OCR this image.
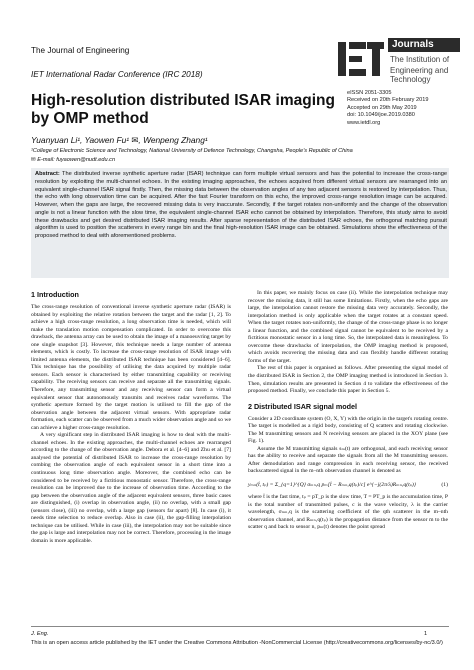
The Journal of Engineering
IET International Radar Conference (IRC 2018)
Journals
The Institution of
Engineering and Technology
High-resolution distributed ISAR imaging by OMP method
eISSN 2051-3305
Received on 20th February 2019
Accepted on 29th May 2019
doi: 10.1049/joe.2019.0380
www.ietdl.org
Yuanyuan Li¹, Yaowen Fu¹ ✉, Wenpeng Zhang¹
¹College of Electronic Science and Technology, National University of Defence Technology, Changsha, People’s Republic of China
✉ E-mail: fuyaowen@nudt.edu.cn
Abstract: The distributed inverse synthetic aperture radar (ISAR) technique can form multiple virtual sensors and has the potential to increase the cross-range resolution by exploiting the multi-channel echoes. In the existing imaging approaches, the echoes acquired from different virtual sensors are rearranged into an equivalent single-channel ISAR signal firstly. Then, the missing data between the observation angles of any two adjacent sensors is restored by interpolation. Thus, the echo with long observation time can be acquired. After the fast Fourier transform on this echo, the improved cross-range resolution image can be acquired. However, when the gaps are large, the recovered missing data is very inaccurate. Secondly, if the target rotates non-uniformly and the change of the observation angle is not a linear function with the slow time, the equivalent single-channel ISAR echo cannot be obtained by interpolation. Therefore, this study aims to avoid these drawbacks and get desired distributed ISAR imaging results. After sparse representation of the distributed ISAR echoes, the orthogonal matching pursuit algorithm is used to position the scatterers in every range bin and the final high-resolution ISAR image can be obtained. Simulations show the effectiveness of the proposed method to deal with aforementioned problems.
1 Introduction

The cross-range resolution of conventional inverse synthetic aperture radar (ISAR) is obtained by exploiting the relative rotation between the target and the radar [1, 2]. To achieve a high cross-range resolution, a long observation time is needed, which will make the translation motion compensation complicated. In order to overcome this drawback, the antenna array can be used to obtain the image of a manoeuvring target by one single snapshot [3]. However, this technique needs a large number of antenna elements, which is costly. To increase the cross-range resolution of ISAR image with limited antenna elements, the distributed ISAR technique has been considered [4–6]. This technique has the possibility of utilising the data acquired by multiple radar sensors. Each sensor is characterised by either transmitting capability or receiving capability. The receiving sensors can receive and separate all the transmitting signals. Therefore, any transmitting sensor and any receiving sensor can form a virtual equivalent sensor that autonomously transmits and receives radar waveforms. The synthetic aperture formed by the target motion is utilised to fill the gap of the observation angle between the adjacent virtual sensors. With appropriate radar formation, each scatter can be observed from a much wider observation angle and so we can achieve a higher cross-range resolution.

A very significant step in distributed ISAR imaging is how to deal with the multi-channel echoes. In the existing approaches, the multi-channel echoes are rearranged according to the change of the observation angle. Debora et al. [4–6] and Zhu et al. [7] analysed the potential of distributed ISAR to increase the cross-range resolution by combing the observation angle of each equivalent sensor in a short time into a continuous long time observation angle. Moreover, the combined echo can be considered to be received by a fictitious monostatic sensor. Therefore, the cross-range resolution can be improved due to the increase of observation time. According to the gap between the observation angle of the adjacent equivalent sensors, three basic cases are distinguished, (i) overlap in observation angle, (ii) no overlap, with a small gap (sensors close), (iii) no overlap, with a large gap (sensors far apart) [8]. In case (i), it needs time selection to reduce overlap. Also in case (ii), the gap-filling interpolation technique can be utilised. While in case (iii), the interpolation may not be suitable since the gap is large and interpolation may not be correct. Therefore, processing in the image domain is more applicable.

In this paper, we mainly focus on case (ii). While the interpolation technique may recover the missing data, it still has some limitations. Firstly, when the echo gaps are large, the interpolation cannot restore the missing data very accurately. Secondly, the interpolation method is only applicable when the target rotates at a constant speed. When the target rotates non-uniformly, the change of the cross-range phase is no longer a linear function, and the combined signal cannot be equivalent to be received by a fictitious monostatic sensor in a long time. So, the interpolated data is meaningless. To overcome these drawbacks of interpolation, the OMP imaging method is proposed, which avoids recovering the missing data and can flexibly handle different rotating forms of the target.

The rest of this paper is organised as follows. After presenting the signal model of the distributed ISAR in Section 2, the OMP imaging method is introduced in Section 3. Then, simulation results are presented in Section 4 to validate the effectiveness of the proposed method. Finally, we conclude this paper in Section 5.

2 Distributed ISAR signal model

Consider a 2D coordinate system (O, X, Y) with the origin in the target's rotating centre. The target is modelled as a rigid body, consisting of Q scatters and rotating clockwise. The M transmitting sensors and N receiving sensors are placed in the XOY plane (see Fig. 1).

Assume the M transmitting signals sₘ(t) are orthogonal, and each receiving sensor has the ability to receive and separate the signals from all the M transmitting sensors. After demodulation and range compression in each receiving sensor, the received backscattered signal in the m–nth observation channel is denoted as

yₘₙ(t̂, tₚ) = Σ_{q=1}^{Q} σₘₙ,q pₘ[t̂ − Rₘₙ,q(tₚ)/c] e^{−j(2π/λ)Rₘₙ,q(tₚ)}	(1)

where t̂ is the fast time, tₚ = pT_p is the slow time, T = PT_p is the accumulation time, P is the total number of transmitted pulses, c is the wave velocity, λ is the carrier wavelength, σₘₙ,q is the scattering coefficient of the qth scatterer in the m–nth observation channel, and Rₘₙ,q(tₚ) is the propagation distance from the sensor m to the scatter q and back to sensor n, pₘ(t) denotes the point spread

J. Eng.	1
This is an open access article published by the IET under the Creative Commons Attribution -NonCommercial License (http://creativecommons.org/licenses/by-nc/3.0/)
